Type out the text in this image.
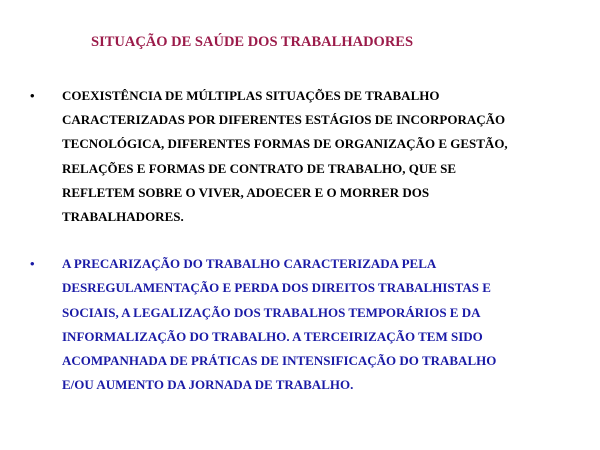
SITUAÇÃO DE SAÚDE DOS TRABALHADORES
•	COEXISTÊNCIA DE MÚLTIPLAS SITUAÇÕES DE TRABALHO
CARACTERIZADAS POR DIFERENTES ESTÁGIOS DE INCORPORAÇÃO
TECNOLÓGICA, DIFERENTES FORMAS DE ORGANIZAÇÃO E GESTÃO,
RELAÇÕES E FORMAS DE CONTRATO DE TRABALHO, QUE SE
REFLETEM SOBRE O VIVER, ADOECER E O MORRER DOS
TRABALHADORES.
•	A PRECARIZAÇÃO DO TRABALHO CARACTERIZADA PELA
DESREGULAMENTAÇÃO E PERDA DOS DIREITOS TRABALHISTAS E
SOCIAIS, A LEGALIZAÇÃO DOS TRABALHOS TEMPORÁRIOS E DA
INFORMALIZAÇÃO DO TRABALHO. A TERCEIRIZAÇÃO TEM SIDO
ACOMPANHADA DE PRÁTICAS DE INTENSIFICAÇÃO DO TRABALHO
E/OU AUMENTO DA JORNADA DE TRABALHO.
